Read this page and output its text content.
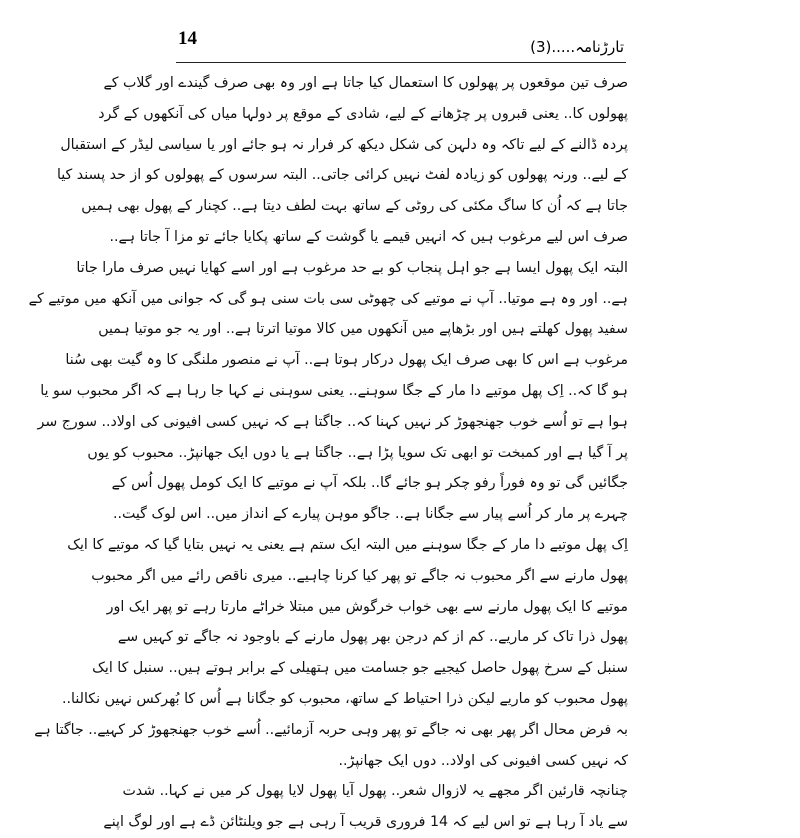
14	تارڑنامہ.....(3)
صرف تین موقعوں پر پھولوں کا استعمال کیا جاتا ہے اور وہ بھی صرف گیندے اور گلاب کے
پھولوں کا.. یعنی قبروں پر چڑھانے کے لیے، شادی کے موقع پر دولہا میاں کی آنکھوں کے گرد
پردہ ڈالنے کے لیے تاکہ وہ دلہن کی شکل دیکھ کر فرار نہ ہو جائے اور یا سیاسی لیڈر کے استقبال
کے لیے.. ورنہ پھولوں کو زیادہ لفٹ نہیں کرائی جاتی.. البتہ سرسوں کے پھولوں کو از حد پسند کیا
جاتا ہے کہ اُن کا ساگ مکئی کی روٹی کے ساتھ بہت لطف دیتا ہے.. کچنار کے پھول بھی ہمیں
صرف اس لیے مرغوب ہیں کہ انہیں قیمے یا گوشت کے ساتھ پکایا جائے تو مزا آ جاتا ہے..
البتہ ایک پھول ایسا ہے جو اہل پنجاب کو بے حد مرغوب ہے اور اسے کھایا نہیں صرف مارا جاتا
ہے.. اور وہ ہے موتیا.. آپ نے موتیے کی چھوٹی سی بات سنی ہو گی کہ جوانی میں آنکھ میں موتیے کے
سفید پھول کھلتے ہیں اور بڑھاپے میں آنکھوں میں کالا موتیا اترتا ہے.. اور یہ جو موتیا ہمیں
مرغوب ہے اس کا بھی صرف ایک پھول درکار ہوتا ہے.. آپ نے منصور ملنگی کا وہ گیت بھی سُنا
ہو گا کہ.. اِک پھل موتیے دا مار کے جگا سوہنے.. یعنی سوہنی نے کہا جا رہا ہے کہ اگر محبوب سو یا
ہوا ہے تو اُسے خوب جھنجھوڑ کر نہیں کہنا کہ.. جاگتا ہے کہ نہیں کسی افیونی کی اولاد.. سورج سر
پر آ گیا ہے اور کمبخت تو ابھی تک سویا پڑا ہے.. جاگتا ہے یا دوں ایک جھانپڑ.. محبوب کو یوں
جگائیں گی تو وہ فوراً رفو چکر ہو جائے گا.. بلکہ آپ نے موتیے کا ایک کومل پھول اُس کے
چہرے پر مار کر اُسے پیار سے جگانا ہے.. جاگو موہن پیارے کے انداز میں.. اس لوک گیت..
اِک پھل موتیے دا مار کے جگا سوہنے میں البتہ ایک ستم ہے یعنی یہ نہیں بتایا گیا کہ موتیے کا ایک
پھول مارنے سے اگر محبوب نہ جاگے تو پھر کیا کرنا چاہیے.. میری ناقص رائے میں اگر محبوب
موتیے کا ایک پھول مارنے سے بھی خواب خرگوش میں مبتلا خراٹے مارتا رہے تو پھر ایک اور
پھول ذرا تاک کر ماریے.. کم از کم درجن بھر پھول مارنے کے باوجود نہ جاگے تو کہیں سے
سنبل کے سرخ پھول حاصل کیجیے جو جسامت میں ہتھیلی کے برابر ہوتے ہیں.. سنبل کا ایک
پھول محبوب کو ماریے لیکن ذرا احتیاط کے ساتھ، محبوب کو جگانا ہے اُس کا بُھرکس نہیں نکالنا..
بہ فرض محال اگر پھر بھی نہ جاگے تو پھر وہی حربہ آزمائیے.. اُسے خوب جھنجھوڑ کر کہیے.. جاگتا ہے
کہ نہیں کسی افیونی کی اولاد.. دوں ایک جھانپڑ..
چنانچہ قارئین اگر مجھے یہ لازوال شعر.. پھول آیا پھول لایا پھول کر میں نے کہا.. شدت
سے یاد آ رہا ہے تو اس لیے کہ 14 فروری قریب آ رہی ہے جو ویلنٹائن ڈے ہے اور لوگ اپنے
